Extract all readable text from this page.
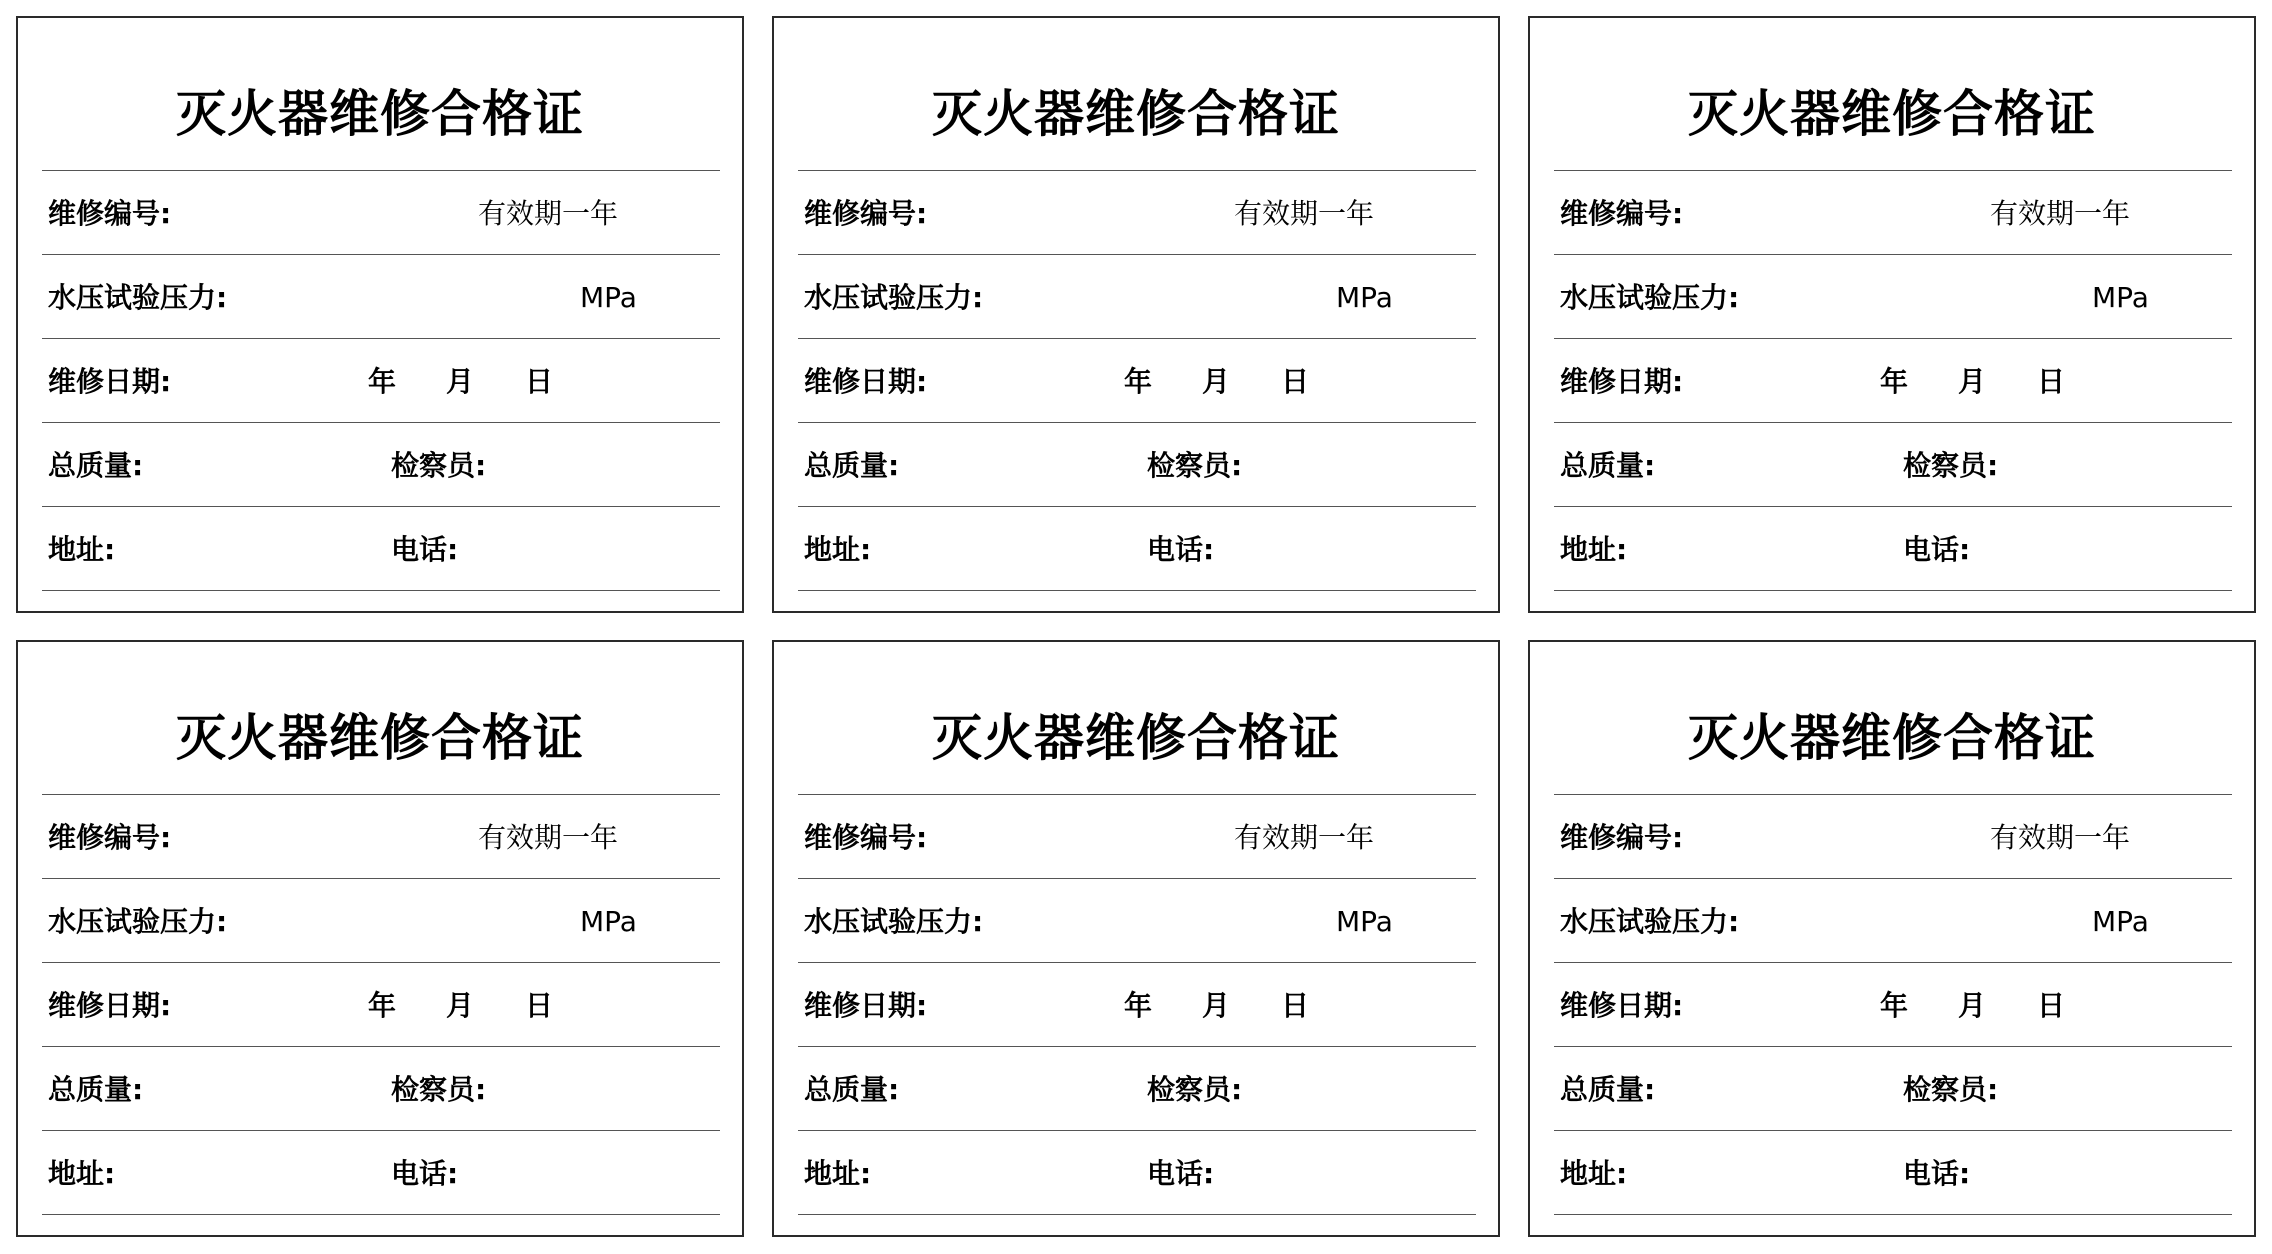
灭火器维修合格证
维修编号:	有效期一年
水压试验压力:	MPa
维修日期:	年 月 日
总质量:	检察员:
地址:	电话:
灭火器维修合格证
维修编号:	有效期一年
水压试验压力:	MPa
维修日期:	年 月 日
总质量:	检察员:
地址:	电话:
灭火器维修合格证
维修编号:	有效期一年
水压试验压力:	MPa
维修日期:	年 月 日
总质量:	检察员:
地址:	电话:
灭火器维修合格证
维修编号:	有效期一年
水压试验压力:	MPa
维修日期:	年 月 日
总质量:	检察员:
地址:	电话:
灭火器维修合格证
维修编号:	有效期一年
水压试验压力:	MPa
维修日期:	年 月 日
总质量:	检察员:
地址:	电话:
灭火器维修合格证
维修编号:	有效期一年
水压试验压力:	MPa
维修日期:	年 月 日
总质量:	检察员:
地址:	电话:
